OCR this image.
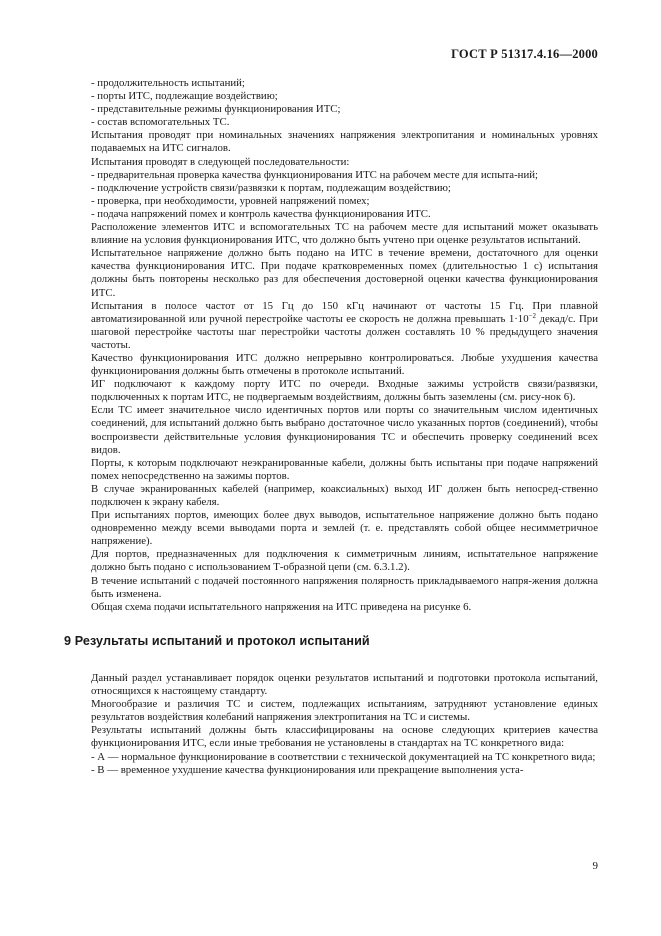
ГОСТ Р 51317.4.16—2000

- продолжительность испытаний;

- порты ИТС, подлежащие воздействию;

- представительные режимы функционирования ИТС;

- состав вспомогательных ТС.

Испытания проводят при номинальных значениях напряжения электропитания и номинальных уровнях подаваемых на ИТС сигналов.

Испытания проводят в следующей последовательности:

- предварительная проверка качества функционирования ИТС на рабочем месте для испыта-ний;

- подключение устройств связи/развязки к портам, подлежащим воздействию;

- проверка, при необходимости, уровней напряжений помех;

- подача напряжений помех и контроль качества функционирования ИТС.

Расположение элементов ИТС и вспомогательных ТС на рабочем месте для испытаний может оказывать влияние на условия функционирования ИТС, что должно быть учтено при оценке результатов испытаний.

Испытательное напряжение должно быть подано на ИТС в течение времени, достаточного для оценки качества функционирования ИТС. При подаче кратковременных помех (длительностью 1 с) испытания должны быть повторены несколько раз для обеспечения достоверной оценки качества функционирования ИТС.

Испытания в полосе частот от 15 Гц до 150 кГц начинают от частоты 15 Гц. При плавной автоматизированной или ручной перестройке частоты ее скорость не должна превышать $1\cdot 10^{-2}$ декад/с. При шаговой перестройке частоты шаг перестройки частоты должен составлять 10 % предыдущего значения частоты.

Качество функционирования ИТС должно непрерывно контролироваться. Любые ухудшения качества функционирования должны быть отмечены в протоколе испытаний.

ИГ подключают к каждому порту ИТС по очереди. Входные зажимы устройств связи/развязки, подключенных к портам ИТС, не подвергаемым воздействиям, должны быть заземлены (см. рису-нок 6).

Если ТС имеет значительное число идентичных портов или порты со значительным числом идентичных соединений, для испытаний должно быть выбрано достаточное число указанных портов (соединений), чтобы воспроизвести действительные условия функционирования ТС и обеспечить проверку соединений всех видов.

Порты, к которым подключают неэкранированные кабели, должны быть испытаны при подаче напряжений помех непосредственно на зажимы портов.

В случае экранированных кабелей (например, коаксиальных) выход ИГ должен быть непосред-ственно подключен к экрану кабеля.

При испытаниях портов, имеющих более двух выводов, испытательное напряжение должно быть подано одновременно между всеми выводами порта и землей (т. е. представлять собой общее несимметричное напряжение).

Для портов, предназначенных для подключения к симметричным линиям, испытательное напряжение должно быть подано с использованием Т-образной цепи (см. 6.3.1.2).

В течение испытаний с подачей постоянного напряжения полярность прикладываемого напря-жения должна быть изменена.

Общая схема подачи испытательного напряжения на ИТС приведена на рисунке 6.

9 Результаты испытаний и протокол испытаний

Данный раздел устанавливает порядок оценки результатов испытаний и подготовки протокола испытаний, относящихся к настоящему стандарту.

Многообразие и различия ТС и систем, подлежащих испытаниям, затрудняют установление единых результатов воздействия колебаний напряжения электропитания на ТС и системы.

Результаты испытаний должны быть классифицированы на основе следующих критериев качества функционирования ИТС, если иные требования не установлены в стандартах на ТС конкретного вида:

- А — нормальное функционирование в соответствии с технической документацией на ТС конкретного вида;

- В — временное ухудшение качества функционирования или прекращение выполнения уста-

9
